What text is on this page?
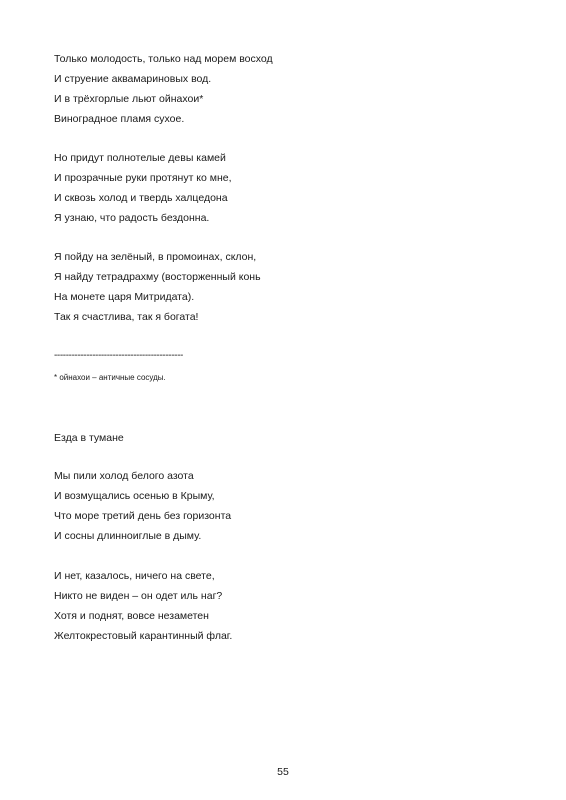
Только молодость, только над морем восход
И струение аквамариновых вод.
И в трёхгорлые льют ойнахои*
Виноградное пламя сухое.
Но придут полнотелые девы камей
И прозрачные руки протянут ко мне,
И сквозь холод и твердь халцедона
Я узнаю, что радость бездонна.
Я пойду на зелёный, в промоинах, склон,
Я найду тетрадрахму (восторженный конь
На монете царя Митридата).
Так я счастлива, так я богата!
--------------------------------------------
* ойнахои – античные сосуды.
Езда в тумане
Мы пили холод белого азота
И возмущались осенью в Крыму,
Что море третий день без горизонта
И сосны длинноиглые в дыму.
И нет, казалось, ничего на свете,
Никто не виден – он одет иль наг?
Хотя и поднят, вовсе незаметен
Желтокрестовый карантинный флаг.
55
